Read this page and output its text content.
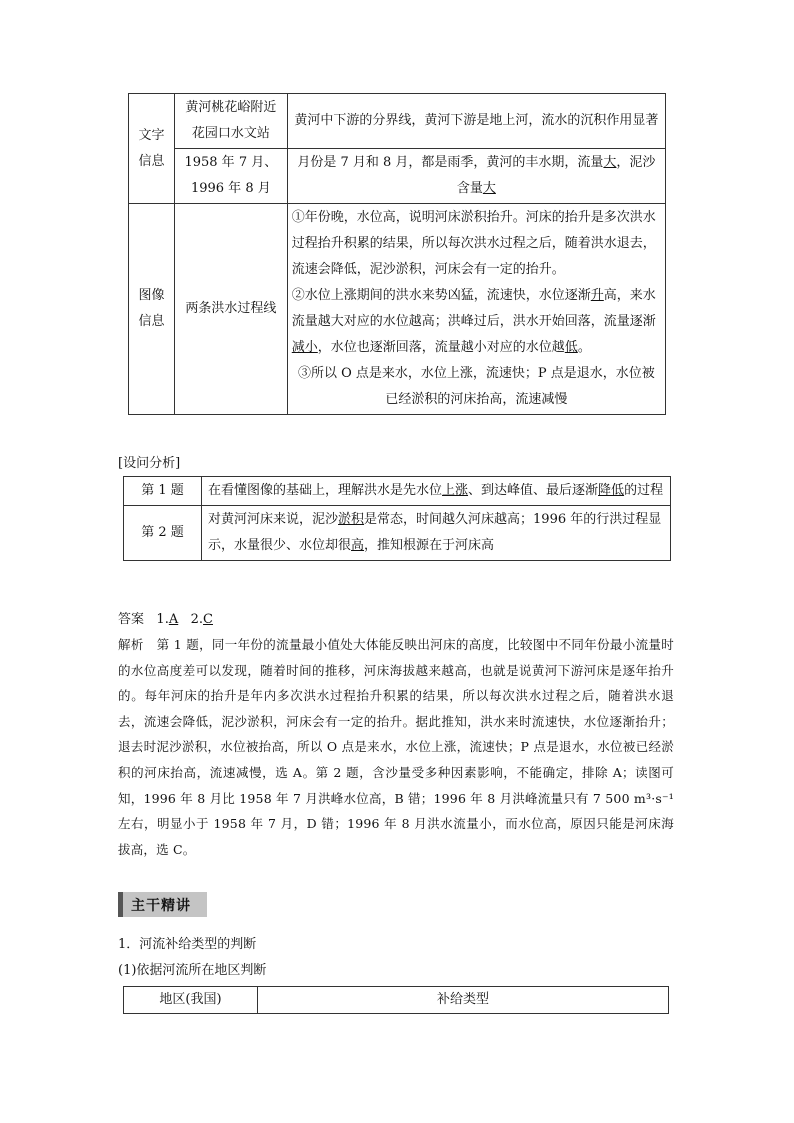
文字信息	黄河桃花峪附近花园口水文站	黄河中下游的分界线，黄河下游是地上河，流水的沉积作用显著
	1958 年 7 月、1996 年 8 月	月份是 7 月和 8 月，都是雨季，黄河的丰水期，流量大，泥沙含量大
图像信息	两条洪水过程线	①年份晚，水位高，说明河床淤积抬升。河床的抬升是多次洪水过程抬升积累的结果，所以每次洪水过程之后，随着洪水退去，流速会降低，泥沙淤积，河床会有一定的抬升。
②水位上涨期间的洪水来势凶猛，流速快，水位逐渐升高，来水流量越大对应的水位越高；洪峰过后，洪水开始回落，流量逐渐减小，水位也逐渐回落，流量越小对应的水位越低。
③所以 O 点是来水，水位上涨，流速快；P 点是退水，水位被已经淤积的河床抬高，流速减慢
[设问分析]
第 1 题	在看懂图像的基础上，理解洪水是先水位上涨、到达峰值、最后逐渐降低的过程
第 2 题	对黄河河床来说，泥沙淤积是常态，时间越久河床越高；1996 年的行洪过程显示，水量很少、水位却很高，推知根源在于河床高
答案 1.A 2.C
解析 第 1 题，同一年份的流量最小值处大体能反映出河床的高度，比较图中不同年份最小流量时的水位高度差可以发现，随着时间的推移，河床海拔越来越高，也就是说黄河下游河床是逐年抬升的。每年河床的抬升是年内多次洪水过程抬升积累的结果，所以每次洪水过程之后，随着洪水退去，流速会降低，泥沙淤积，河床会有一定的抬升。据此推知，洪水来时流速快，水位逐渐抬升；退去时泥沙淤积，水位被抬高，所以 O 点是来水，水位上涨，流速快；P 点是退水，水位被已经淤积的河床抬高，流速减慢，选 A。第 2 题，含沙量受多种因素影响，不能确定，排除 A；读图可知，1996 年 8 月比 1958 年 7 月洪峰水位高，B 错；1996 年 8 月洪峰流量只有 7 500 m³·s⁻¹ 左右，明显小于 1958 年 7 月，D 错；1996 年 8 月洪水流量小，而水位高，原因只能是河床海拔高，选 C。
主干精讲
1．河流补给类型的判断
(1)依据河流所在地区判断
地区(我国)	补给类型
